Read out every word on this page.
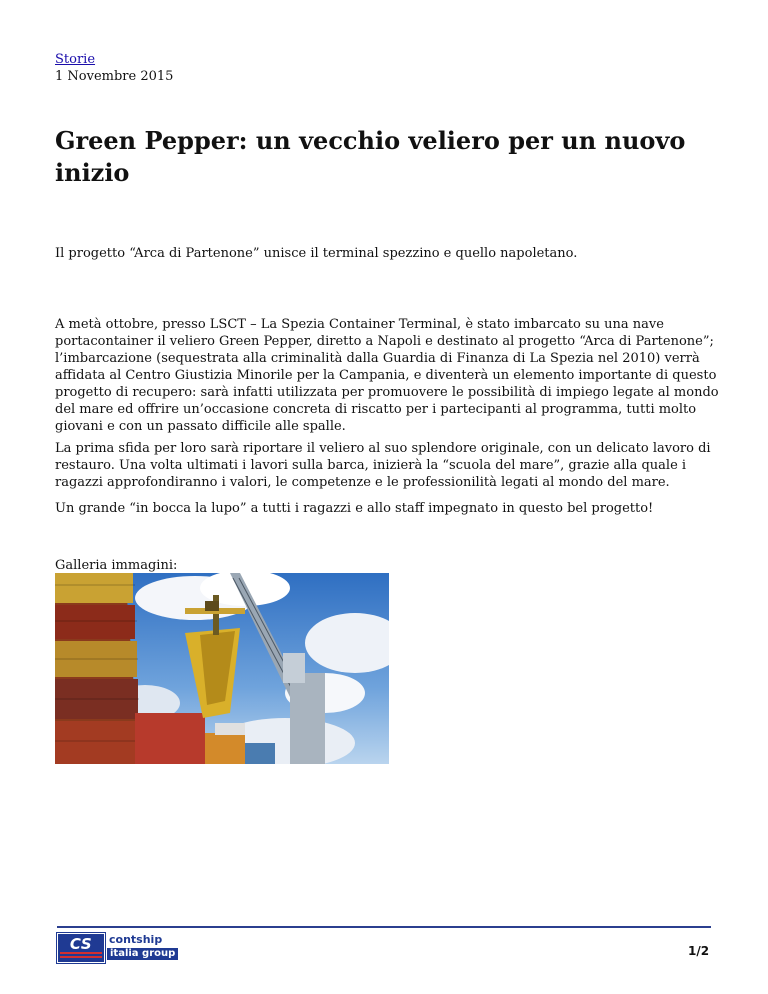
Storie
1 Novembre 2015
Green Pepper: un vecchio veliero per un nuovo inizio

Il progetto “Arca di Partenone” unisce il terminal spezzino e quello napoletano.

A metà ottobre, presso LSCT – La Spezia Container Terminal, è stato imbarcato su una nave portacontainer il veliero Green Pepper, diretto a Napoli e destinato al progetto “Arca di Partenone”; l’imbarcazione (sequestrata alla criminalità dalla Guardia di Finanza di La Spezia nel 2010) verrà affidata al Centro Giustizia Minorile per la Campania, e diventerà un elemento importante di questo progetto di recupero: sarà infatti utilizzata per promuovere le possibilità di impiego legate al mondo del mare ed offrire un’occasione concreta di riscatto per i partecipanti al programma, tutti molto giovani e con un passato difficile alle spalle.

La prima sfida per loro sarà riportare il veliero al suo splendore originale, con un delicato lavoro di restauro. Una volta ultimati i lavori sulla barca, inizierà la “scuola del mare”, grazie alla quale i ragazzi approfondiranno i valori, le competenze e le professionilità legati al mondo del mare.

Un grande “in bocca la lupo” a tutti i ragazzi e allo staff impegnato in questo bel progetto!

Galleria immagini:
CS	contship
italia group	1/2
